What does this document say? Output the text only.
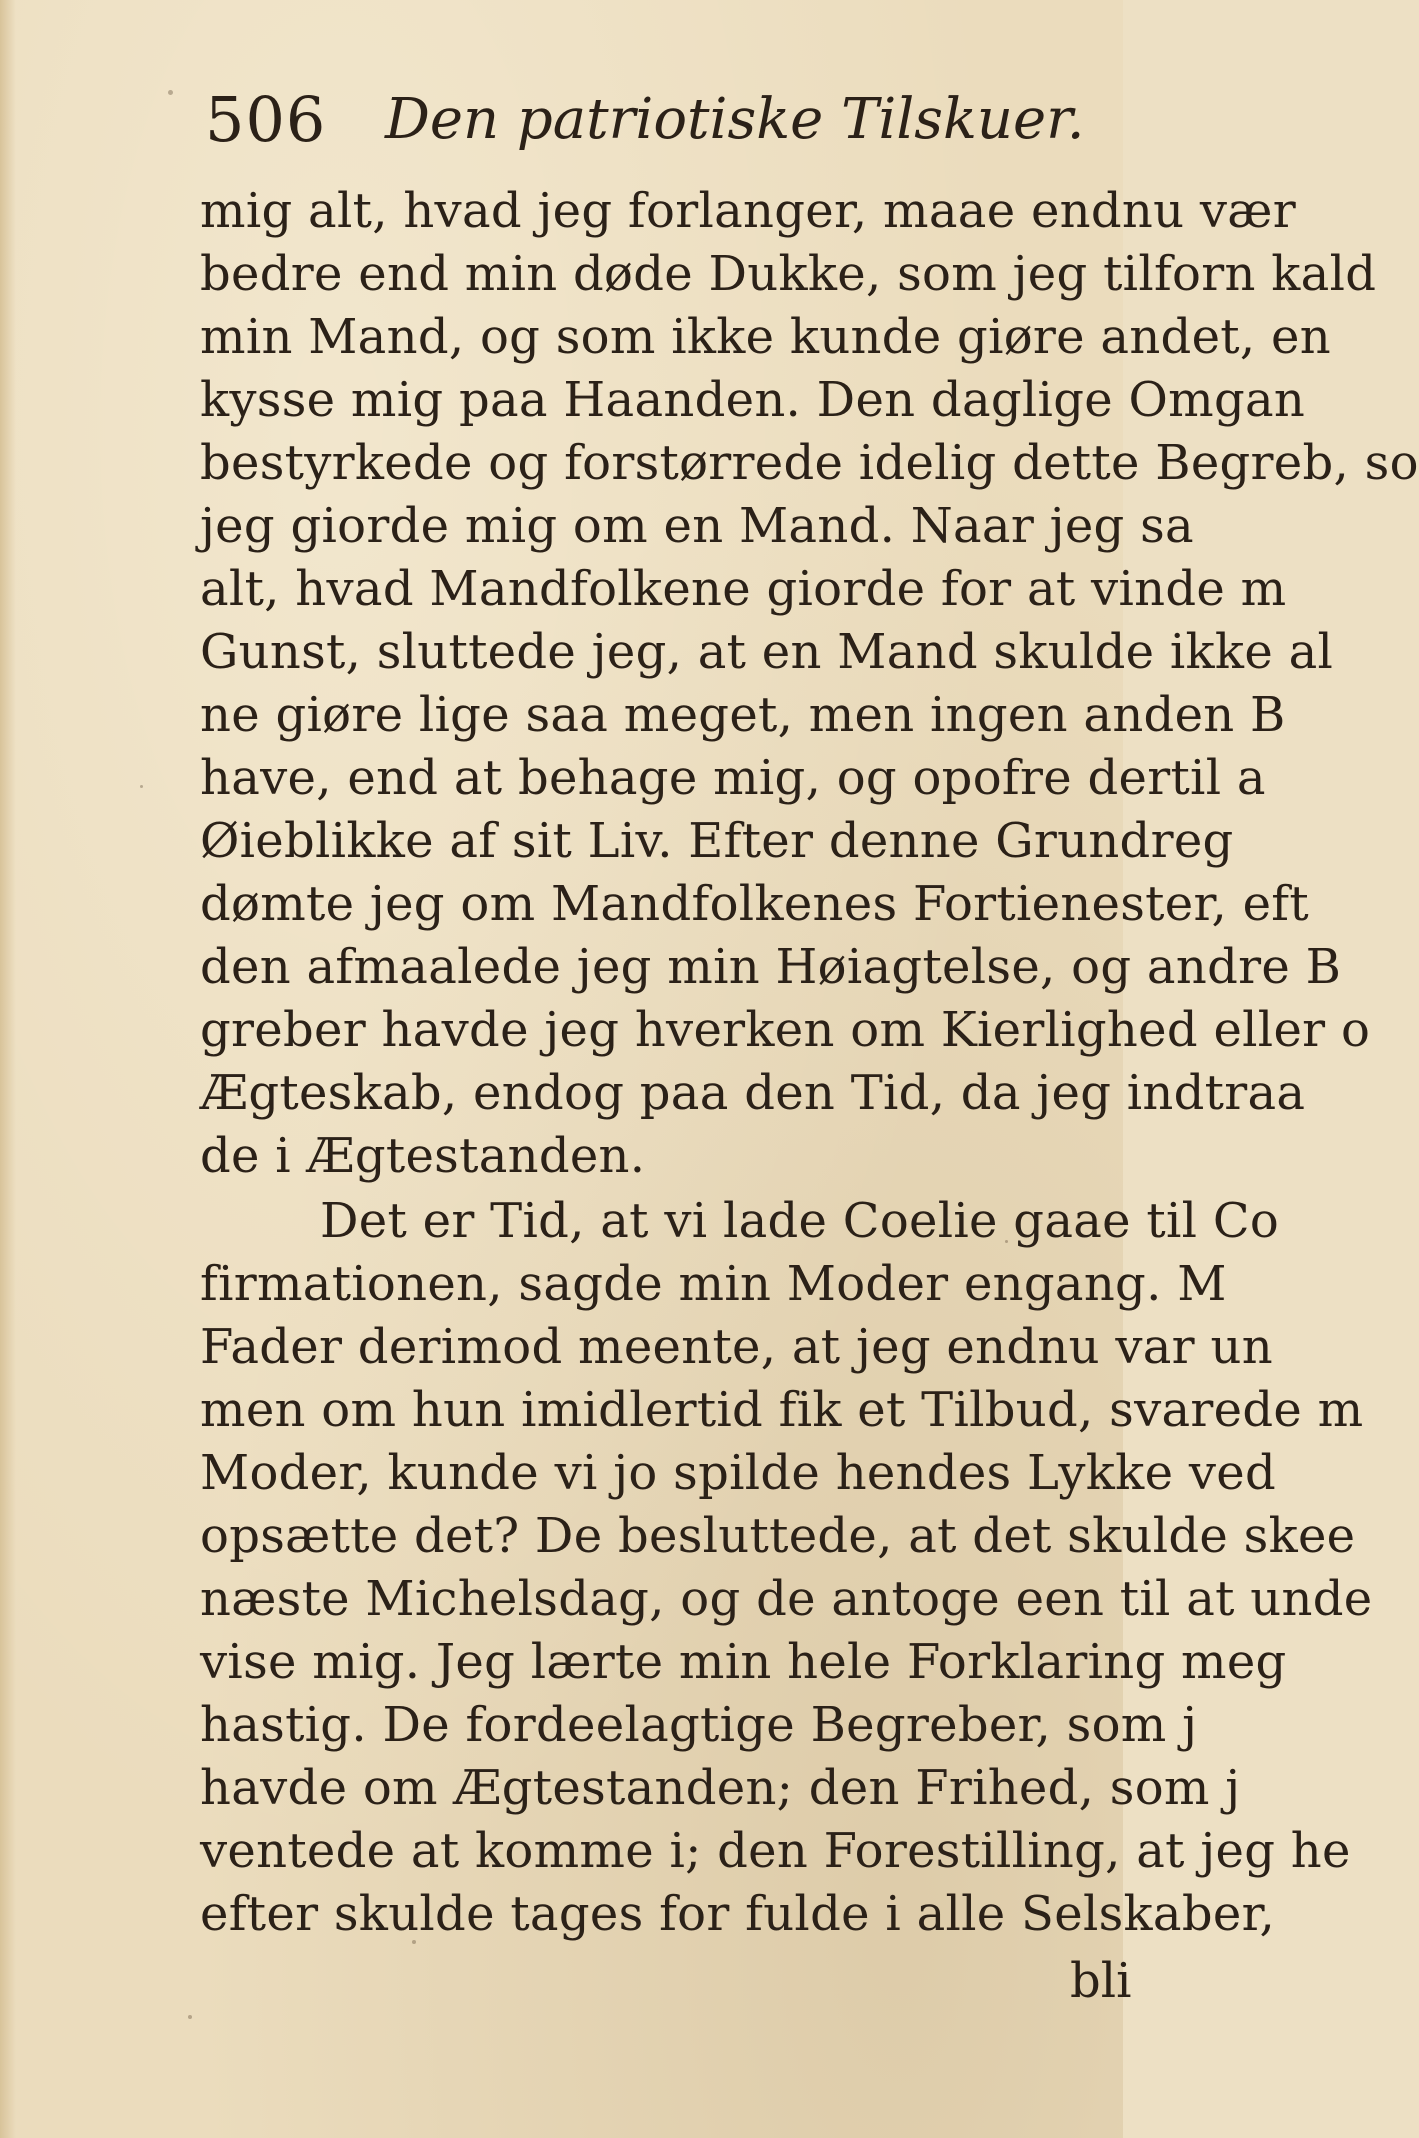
506 Den patriotiske Tilskuer.
mig alt, hvad jeg forlanger, maae endnu vær
bedre end min døde Dukke, som jeg tilforn kald
min Mand, og som ikke kunde giøre andet, en
kysse mig paa Haanden. Den daglige Omgan
bestyrkede og forstørrede idelig dette Begreb, so
jeg giorde mig om en Mand. Naar jeg sa
alt, hvad Mandfolkene giorde for at vinde m
Gunst, sluttede jeg, at en Mand skulde ikke al
ne giøre lige saa meget, men ingen anden B
have, end at behage mig, og opofre dertil a
Øieblikke af sit Liv. Efter denne Grundreg
dømte jeg om Mandfolkenes Fortienester, eft
den afmaalede jeg min Høiagtelse, og andre B
greber havde jeg hverken om Kierlighed eller o
Ægteskab, endog paa den Tid, da jeg indtraa
de i Ægtestanden.
Det er Tid, at vi lade Coelie gaae til Co
firmationen, sagde min Moder engang. M
Fader derimod meente, at jeg endnu var un
men om hun imidlertid fik et Tilbud, svarede m
Moder, kunde vi jo spilde hendes Lykke ved
opsætte det? De besluttede, at det skulde skee
næste Michelsdag, og de antoge een til at unde
vise mig. Jeg lærte min hele Forklaring meg
hastig. De fordeelagtige Begreber, som j
havde om Ægtestanden; den Frihed, som j
ventede at komme i; den Forestilling, at jeg he
efter skulde tages for fulde i alle Selskaber,
bli
